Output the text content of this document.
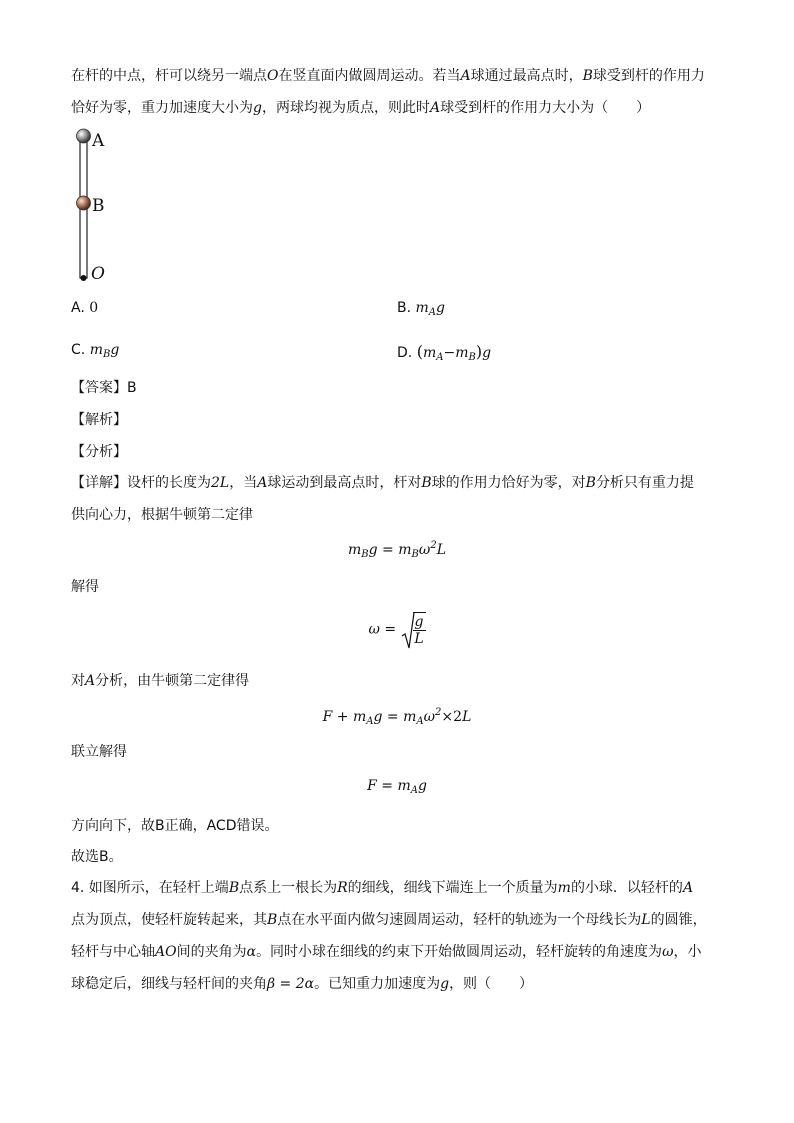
在杆的中点，杆可以绕另一端点O在竖直面内做圆周运动。若当A球通过最高点时，B球受到杆的作用力
恰好为零，重力加速度大小为g，两球均视为质点，则此时A球受到杆的作用力大小为（　　）
A
B
O
A. 0	B. $m_Ag$
C. $m_Bg$	D. $(m_A-m_B)g$
【答案】B
【解析】
【分析】
【详解】设杆的长度为2L，当A球运动到最高点时，杆对B球的作用力恰好为零，对B分析只有重力提
供向心力，根据牛顿第二定律
$m_Bg = m_B\omega^2L$
解得
$\omega = \frac{g}{L}$
对A分析，由牛顿第二定律得
$F + m_Ag = m_A\omega^2\times 2L$
联立解得
$F = m_Ag$
方向向下，故B正确，ACD错误。
故选B。
4. 如图所示，在轻杆上端B点系上一根长为R的细线，细线下端连上一个质量为m的小球．以轻杆的A
点为顶点，使轻杆旋转起来，其B点在水平面内做匀速圆周运动，轻杆的轨迹为一个母线长为L的圆锥，
轻杆与中心轴AO间的夹角为α。同时小球在细线的约束下开始做圆周运动，轻杆旋转的角速度为ω，小
球稳定后，细线与轻杆间的夹角β = 2α。已知重力加速度为g，则（　　）
